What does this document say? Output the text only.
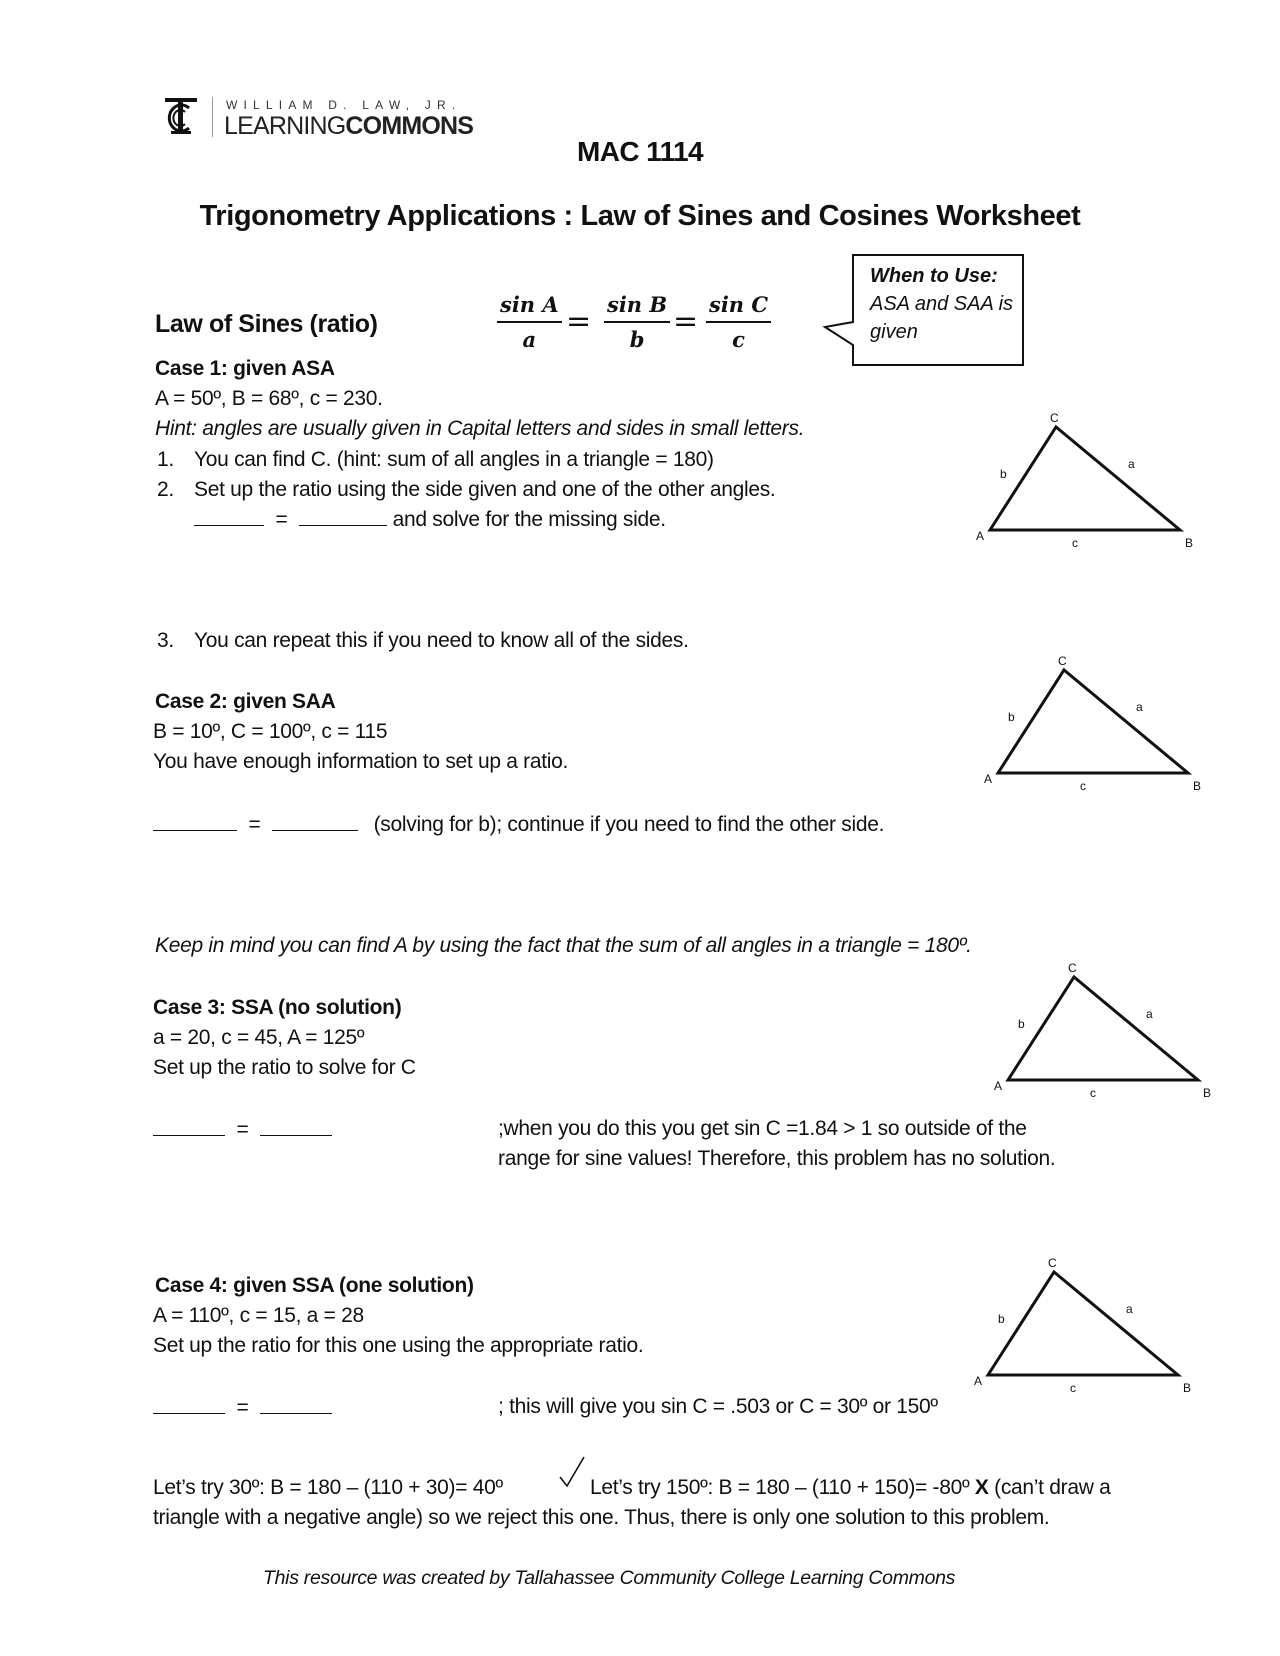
WILLIAM D. LAW, JR.
LEARNINGCOMMONS
MAC 1114
Trigonometry Applications : Law of Sines and Cosines Worksheet
Law of Sines (ratio)	$\frac{\text{sin A}}{a} = \frac{\text{sin B}}{b} = \frac{\text{sin C}}{c}$
When to Use:
ASA and SAA is
given
Case 1: given ASA
A = 50º, B = 68º, c = 230.
Hint: angles are usually given in Capital letters and sides in small letters.
1. You can find C. (hint: sum of all angles in a triangle = 180)
2. Set up the ratio using the side given and one of the other angles.
=	and solve for the missing side.
3. You can repeat this if you need to know all of the sides.
Case 2: given SAA
B = 10º, C = 100º, c = 115
You have enough information to set up a ratio.
=	(solving for b); continue if you need to find the other side.
Keep in mind you can find A by using the fact that the sum of all angles in a triangle = 180º.
Case 3: SSA (no solution)
a = 20, c = 45, A = 125º
Set up the ratio to solve for C
=	;when you do this you get sin C =1.84 > 1 so outside of the
range for sine values! Therefore, this problem has no solution.
Case 4: given SSA (one solution)
A = 110º, c = 15, a = 28
Set up the ratio for this one using the appropriate ratio.
=	; this will give you sin C = .503 or C = 30º or 150º
Let’s try 30º: B = 180 – (110 + 30)= 40º	Let’s try 150º: B = 180 – (110 + 150)= -80º X (can’t draw a
triangle with a negative angle) so we reject this one. Thus, there is only one solution to this problem.
This resource was created by Tallahassee Community College Learning Commons
A
C
B
b
a
c
A
C
B
b
a
c
A
C
B
b
a
c
A
C
B
b
a
c
